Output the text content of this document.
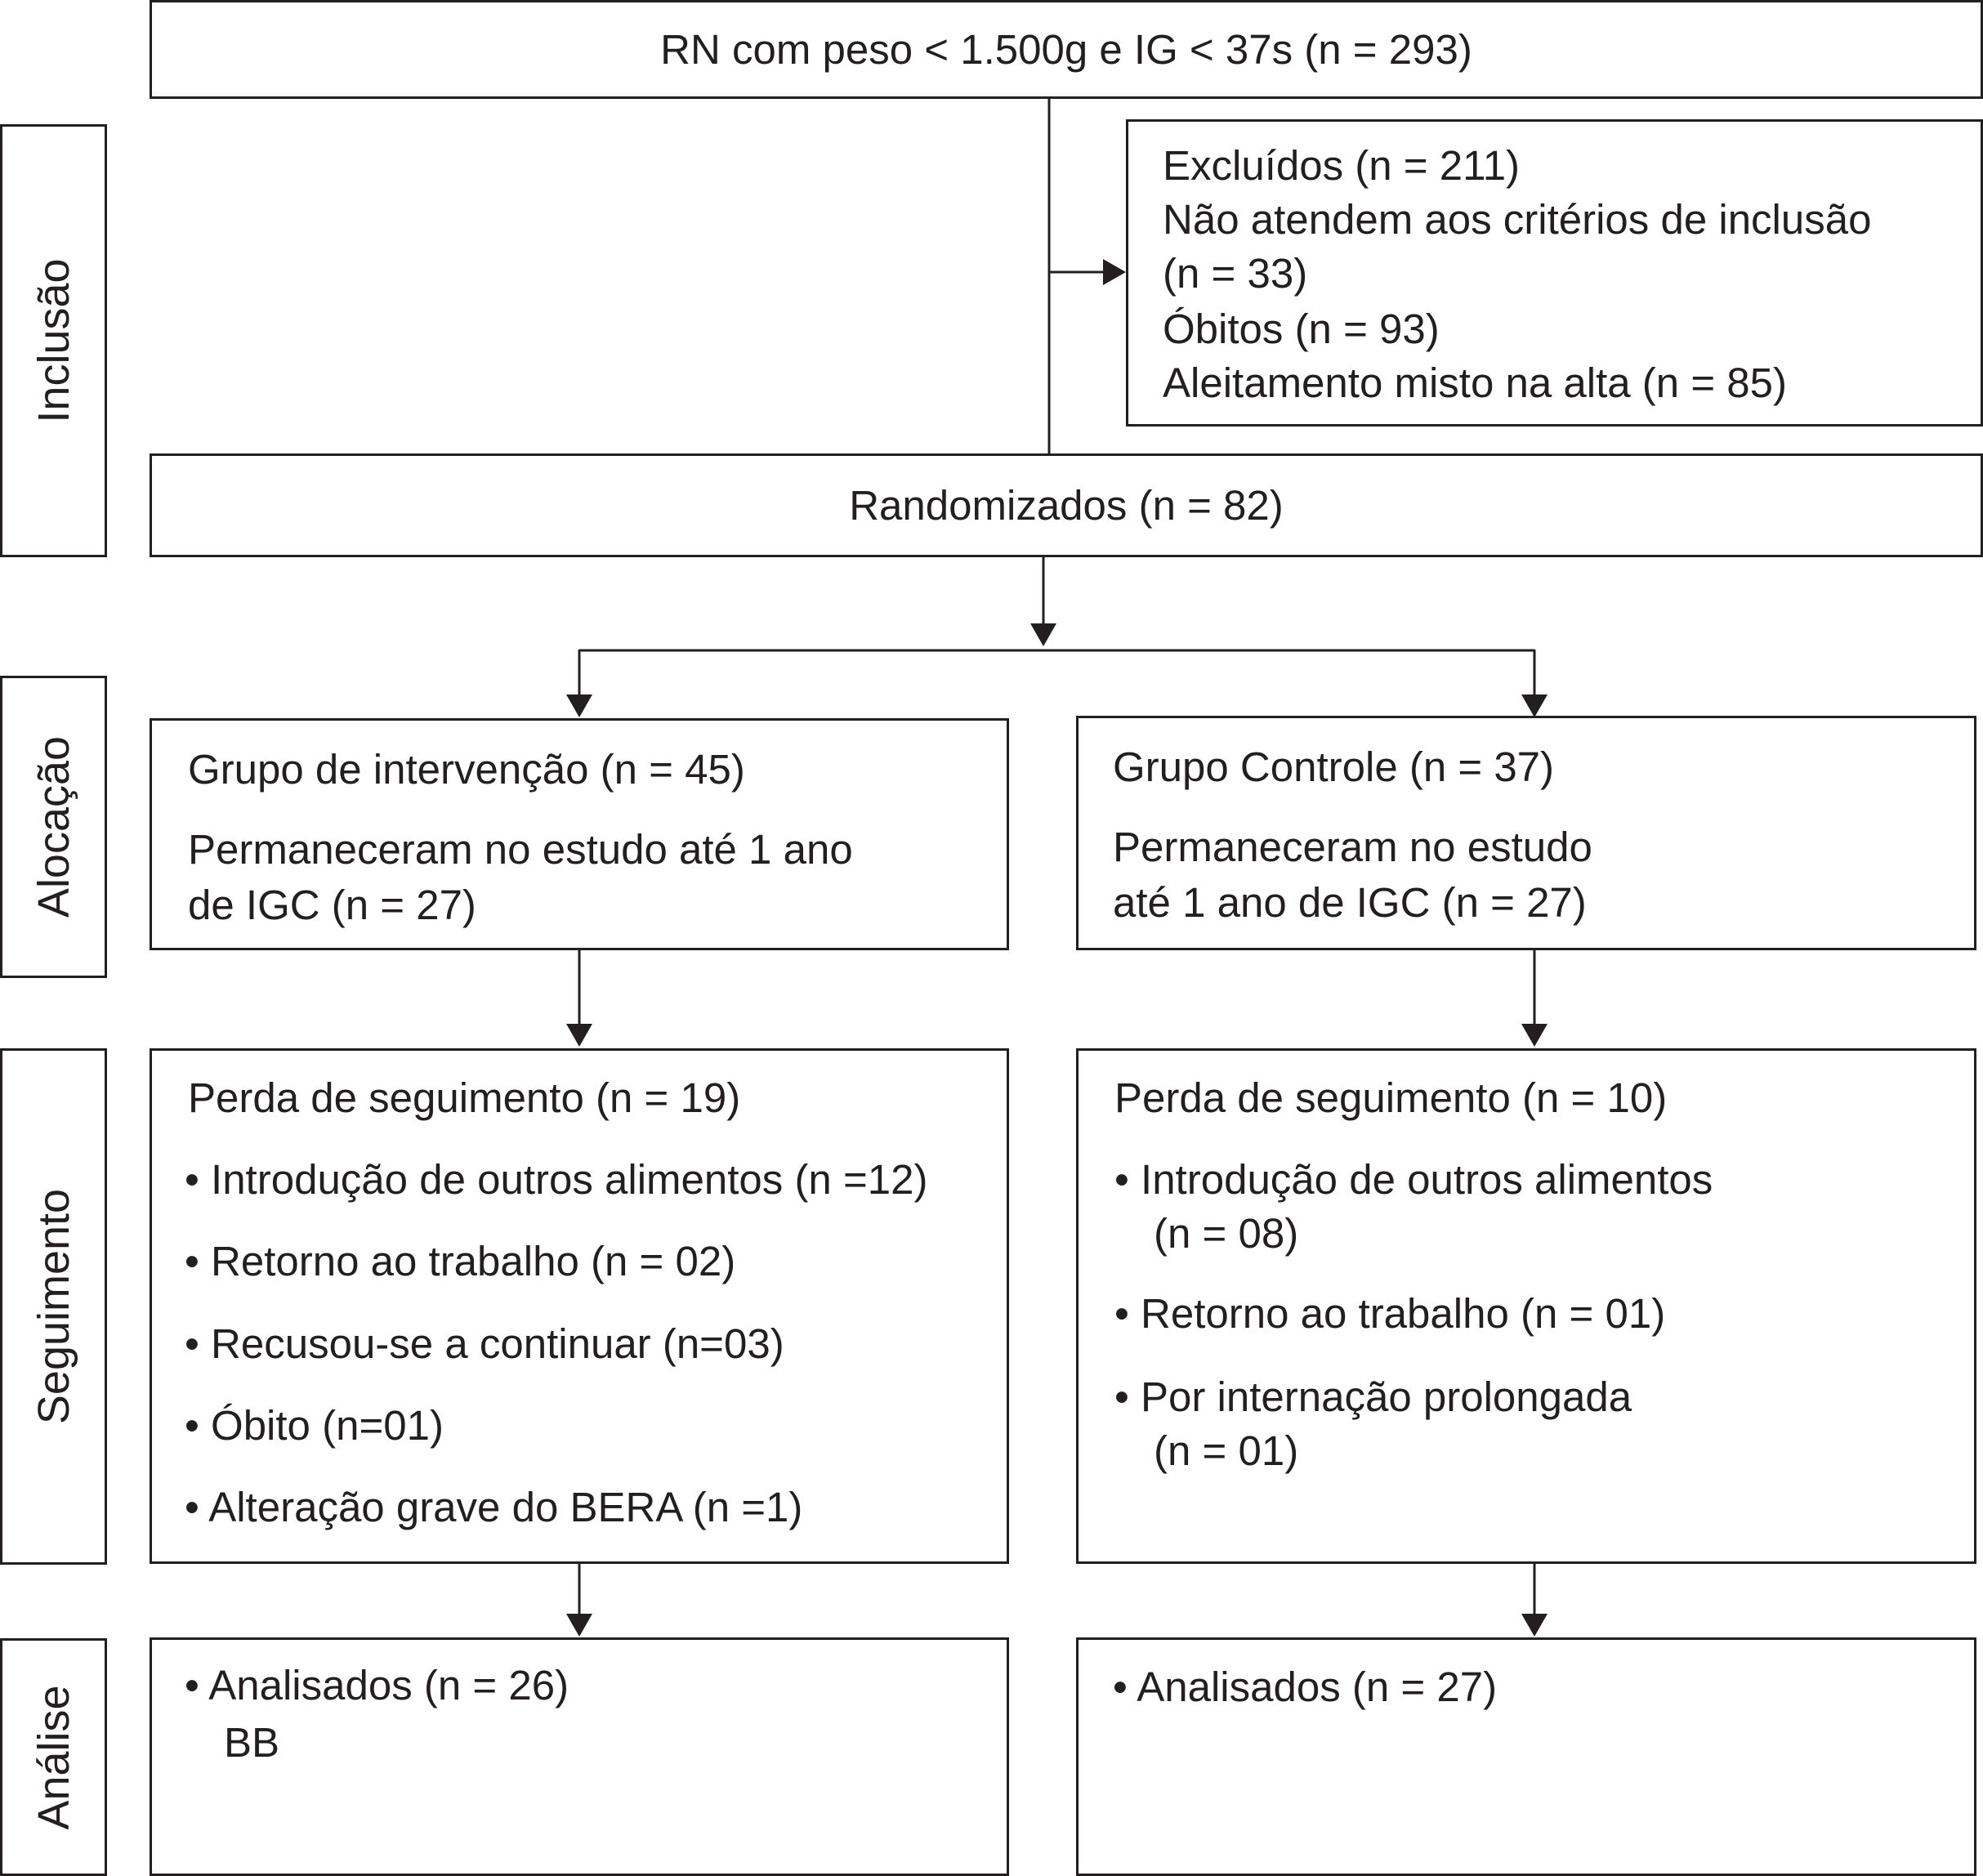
Inclusão
Alocação
Seguimento
Análise
RN com peso < 1.500g e IG < 37s (n = 293)
Excluídos (n = 211)
Não atendem aos critérios de inclusão
(n = 33)
Óbitos (n = 93)
Aleitamento misto na alta (n = 85)
Randomizados (n = 82)
Grupo de intervenção (n = 45)
Permaneceram no estudo até 1 ano
de IGC (n = 27)
Grupo Controle (n = 37)
Permaneceram no estudo
até 1 ano de IGC (n = 27)
Perda de seguimento (n = 19)
• Introdução de outros alimentos (n =12)
• Retorno ao trabalho (n = 02)
• Recusou-se a continuar (n=03)
• Óbito (n=01)
• Alteração grave do BERA (n =1)
Perda de seguimento (n = 10)
• Introdução de outros alimentos
(n = 08)
• Retorno ao trabalho (n = 01)
• Por internação prolongada
(n = 01)
• Analisados (n = 26)
BB
• Analisados (n = 27)
